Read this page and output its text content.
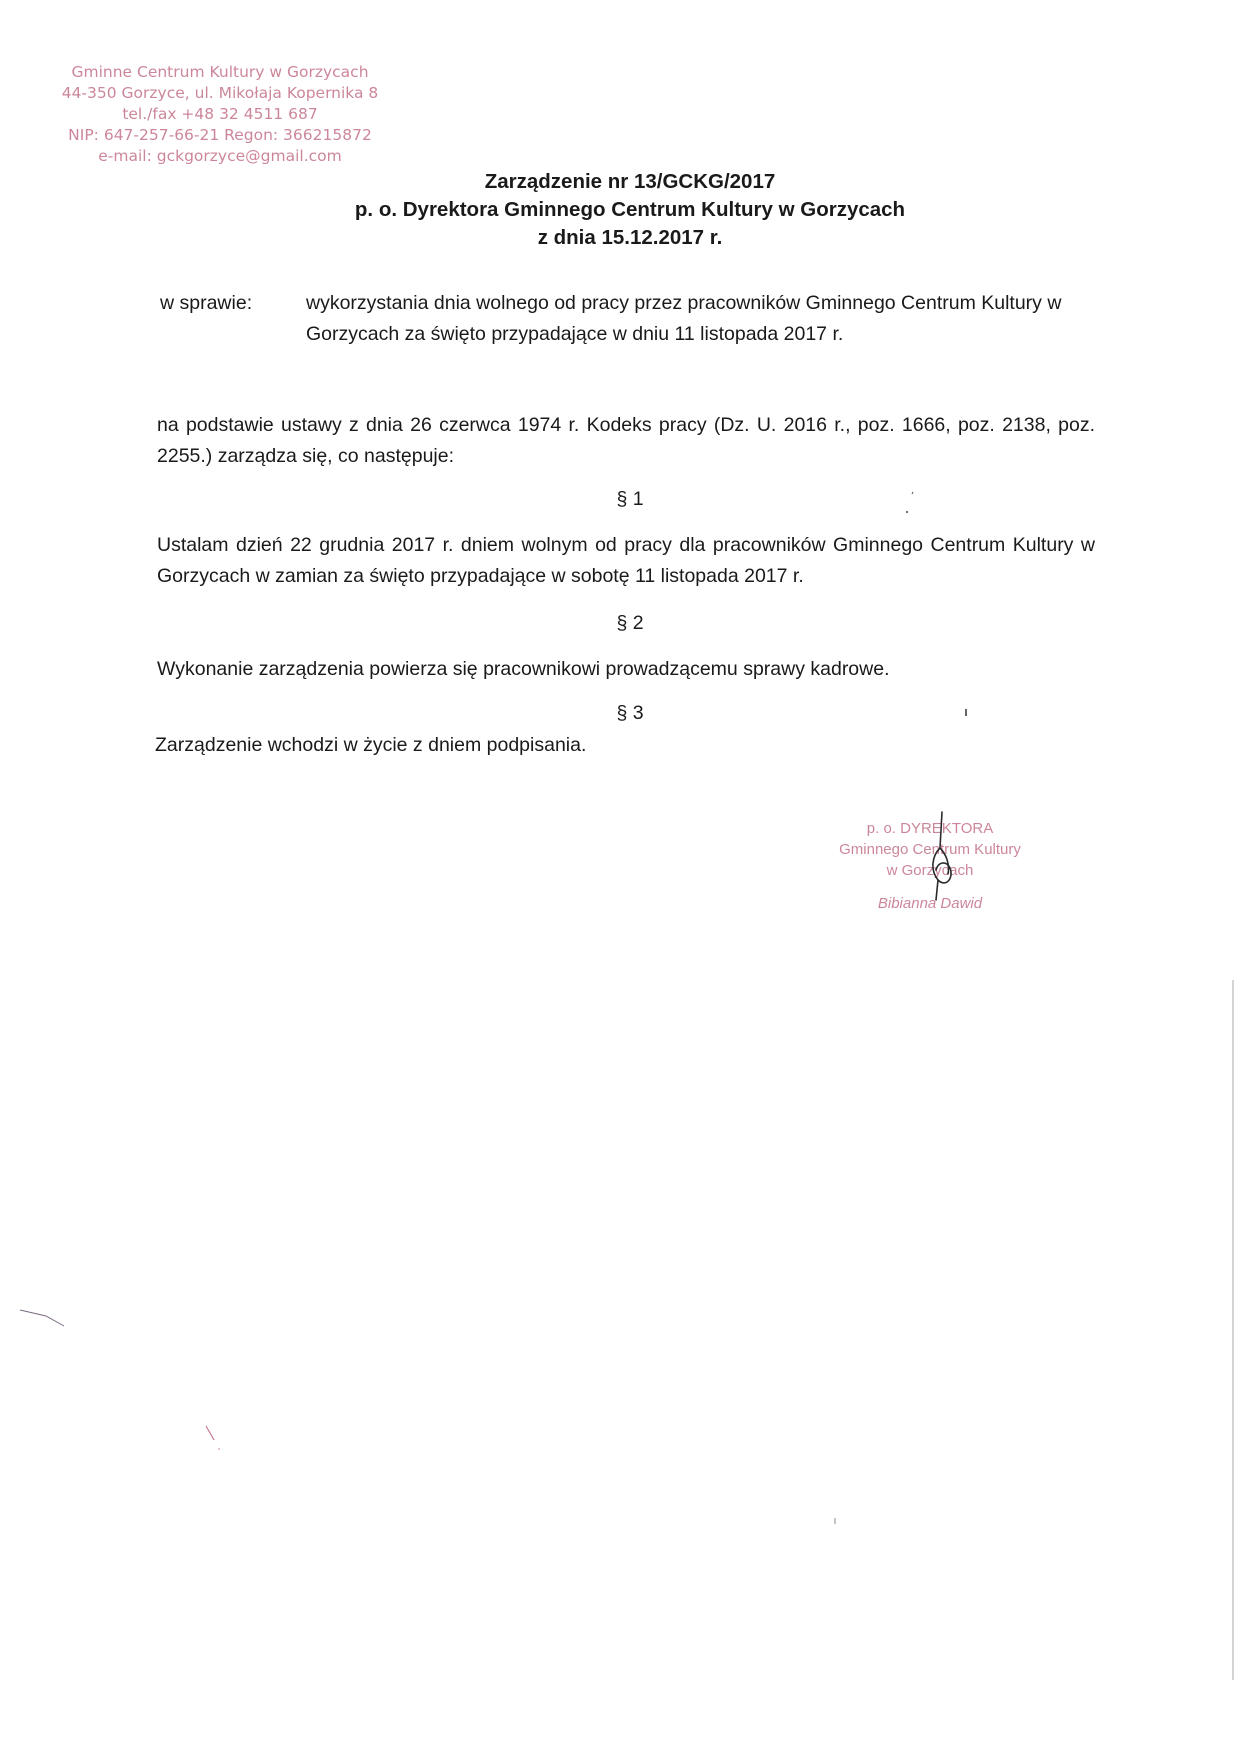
Gminne Centrum Kultury w Gorzycach
44-350 Gorzyce, ul. Mikołaja Kopernika 8
tel./fax +48 32 4511 687
NIP: 647-257-66-21 Regon: 366215872
e-mail: gckgorzyce@gmail.com
Zarządzenie nr 13/GCKG/2017
p. o. Dyrektora Gminnego Centrum Kultury w Gorzycach
z dnia 15.12.2017 r.
w sprawie:	wykorzystania dnia wolnego od pracy przez pracowników Gminnego Centrum Kultury w Gorzycach za święto przypadające w dniu 11 listopada 2017 r.
na podstawie ustawy z dnia 26 czerwca 1974 r. Kodeks pracy (Dz. U. 2016 r., poz. 1666, poz. 2138, poz. 2255.) zarządza się, co następuje:
§ 1
Ustalam dzień 22 grudnia 2017 r. dniem wolnym od pracy dla pracowników Gminnego Centrum Kultury w Gorzycach w zamian za święto przypadające w sobotę 11 listopada 2017 r.
§ 2
Wykonanie zarządzenia powierza się pracownikowi prowadzącemu sprawy kadrowe.
§ 3
Zarządzenie wchodzi w życie z dniem podpisania.
p. o. DYREKTORA
Gminnego Centrum Kultury
w Gorzycach
Bibianna Dawid
